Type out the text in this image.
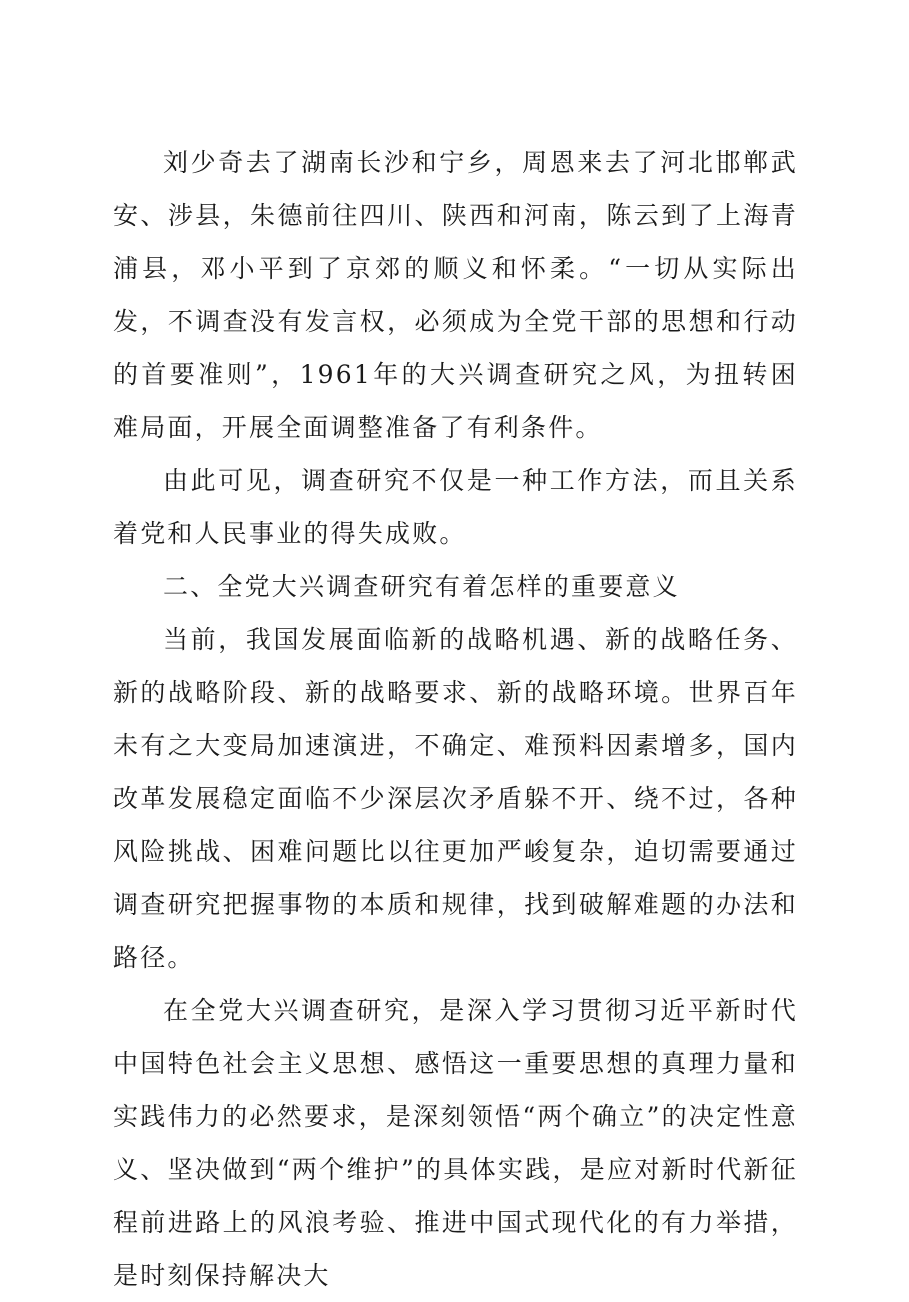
刘少奇去了湖南长沙和宁乡，周恩来去了河北邯郸武安、涉县，朱德前往四川、陕西和河南，陈云到了上海青浦县，邓小平到了京郊的顺义和怀柔。“一切从实际出发，不调查没有发言权，必须成为全党干部的思想和行动的首要准则”，1961年的大兴调查研究之风，为扭转困难局面，开展全面调整准备了有利条件。

由此可见，调查研究不仅是一种工作方法，而且关系着党和人民事业的得失成败。

二、全党大兴调查研究有着怎样的重要意义

当前，我国发展面临新的战略机遇、新的战略任务、新的战略阶段、新的战略要求、新的战略环境。世界百年未有之大变局加速演进，不确定、难预料因素增多，国内改革发展稳定面临不少深层次矛盾躲不开、绕不过，各种风险挑战、困难问题比以往更加严峻复杂，迫切需要通过调查研究把握事物的本质和规律，找到破解难题的办法和路径。

在全党大兴调查研究，是深入学习贯彻习近平新时代中国特色社会主义思想、感悟这一重要思想的真理力量和实践伟力的必然要求，是深刻领悟“两个确立”的决定性意义、坚决做到“两个维护”的具体实践，是应对新时代新征程前进路上的风浪考验、推进中国式现代化的有力举措，是时刻保持解决大
